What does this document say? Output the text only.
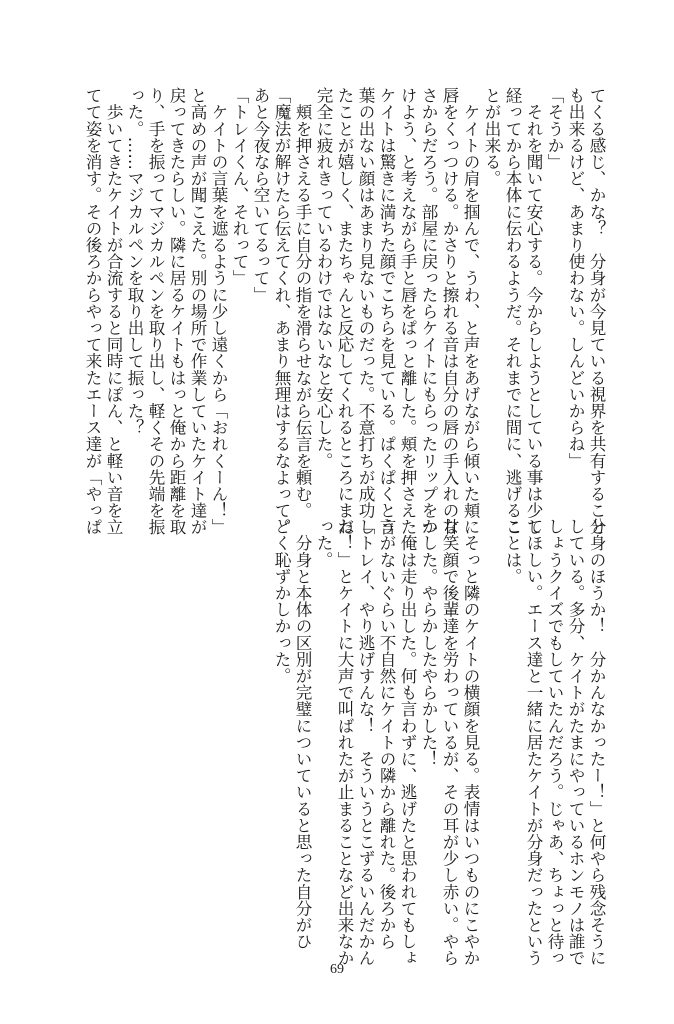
てくる感じ、かな？　分身が今見ている視界を共有すること

も出来るけど、あまり使わない。しんどいからね」

「そうか」

　それを聞いて安心する。今からしようとしている事は少し

経ってから本体に伝わるようだ。それまでに間に、逃げるこ

とが出来る。

　ケイトの肩を掴んで、うわ、と声をあげながら傾いた頬に

唇をくっつける。かさりと擦れる音は自分の唇の手入れの甘

さからだろう。部屋に戻ったらケイトにもらったリップをつ

けよう、と考えながら手と唇をぱっと離した。頬を押さえた

ケイトは驚きに満ちた顔でこちらを見ている。ぱくぱくと言

葉の出ない顔はあまり見ないものだった。不意打ちが成功し

たことが嬉しく、またちゃんと反応してくれるところにまだ

完全に疲れきっているわけではないなと安心した。

　頬を押さえる手に自分の指を滑らせながら伝言を頼む。

「魔法が解けたら伝えてくれ、あまり無理はするなよって。

あと今夜なら空いてるって」

「トレイくん、それって」

　ケイトの言葉を遮るように少し遠くから「おれくーん！」

と高めの声が聞こえた。別の場所で作業していたケイト達が

戻ってきたらしい。隣に居るケイトもはっと俺から距離を取

り、手を振ってマジカルペンを取り出し、軽くその先端を振

った。……マジカルペンを取り出して振った？

　歩いてきたケイトが合流すると同時にぽん、と軽い音を立

てて姿を消す。その後ろからやって来たエース達が「やっぱ

分身のほうか！　分かんなかったー！」と何やら残念そうに

している。多分、ケイトがたまにやっているホンモノは誰で

しょうクイズでもしていたんだろう。じゃあ、ちょっと待っ

てほしい。エース達と一緒に居たケイトが分身だったという

ことは。

　そっと隣のケイトの横顔を見る。表情はいつものにこやか

な笑顔で後輩達を労わっているが、その耳が少し赤い。やら

かした。やらかしたやらかした！

　俺は走り出した。何も言わずに、逃げたと思われてもしょ

うがないぐらい不自然にケイトの隣から離れた。後ろから

「トレイ、やり逃げすんな！　そういうとこずるいんだかん

ね！」とケイトに大声で叫ばれたが止まることなど出来なか

った。

　分身と本体の区別が完璧についていると思った自分がひ

どく恥ずかしかった。

69
